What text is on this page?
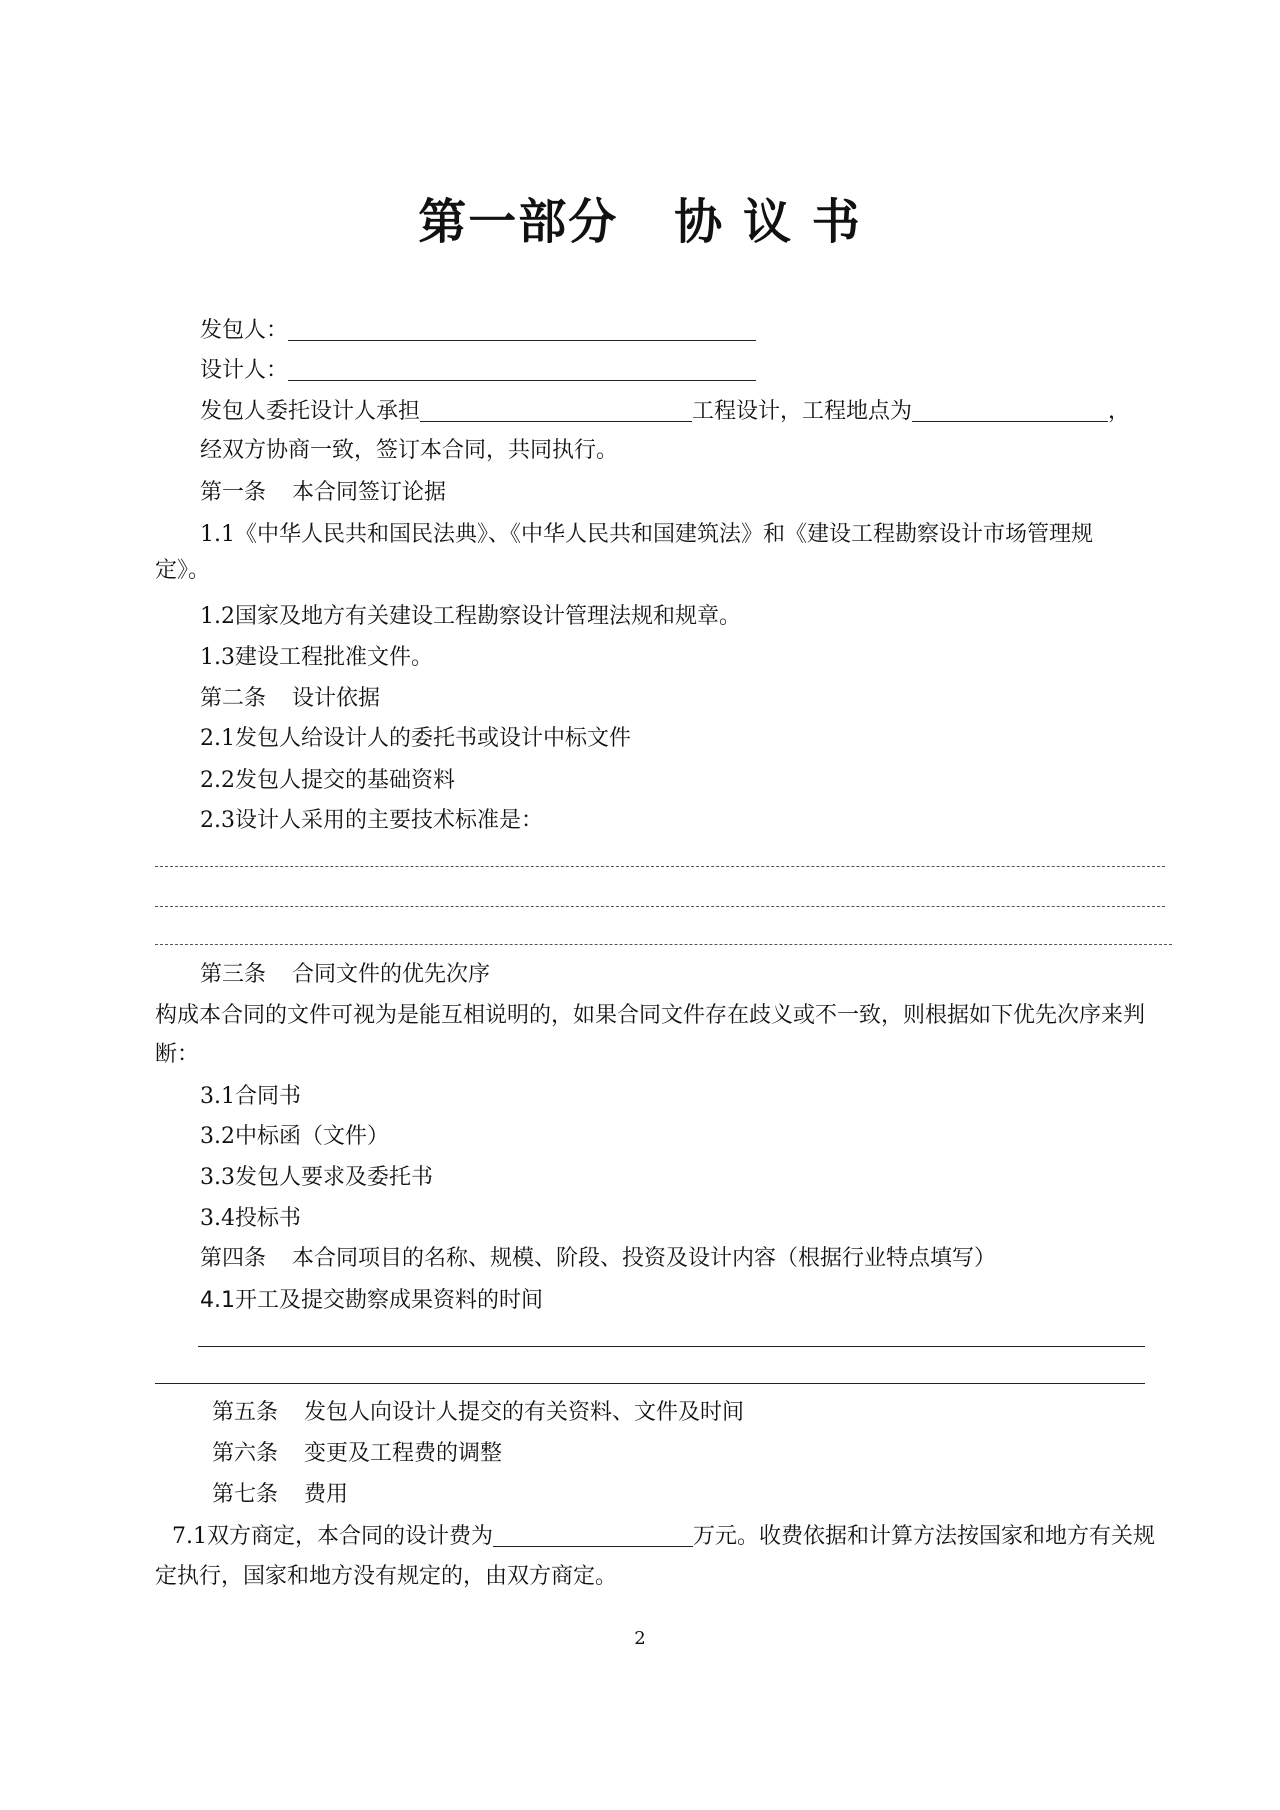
第一部分 协 议 书
发包人：
设计人：
发包人委托设计人承担	工程设计，工程地点为	，
经双方协商一致，签订本合同，共同执行。
第一条 本合同签订论据
1.1《中华人民共和国民法典》、《中华人民共和国建筑法》和《建设工程勘察设计市场管理规
定》。
1.2国家及地方有关建设工程勘察设计管理法规和规章。
1.3建设工程批准文件。
第二条 设计依据
2.1发包人给设计人的委托书或设计中标文件
2.2发包人提交的基础资料
2.3设计人采用的主要技术标准是：
第三条 合同文件的优先次序
构成本合同的文件可视为是能互相说明的，如果合同文件存在歧义或不一致，则根据如下优先次序来判
断：
3.1合同书
3.2中标函（文件）
3.3发包人要求及委托书
3.4投标书
第四条 本合同项目的名称、规模、阶段、投资及设计内容（根据行业特点填写）
4.1开工及提交勘察成果资料的时间
第五条 发包人向设计人提交的有关资料、文件及时间
第六条 变更及工程费的调整
第七条 费用
7.1双方商定，本合同的设计费为	万元。收费依据和计算方法按国家和地方有关规
定执行，国家和地方没有规定的，由双方商定。
2
